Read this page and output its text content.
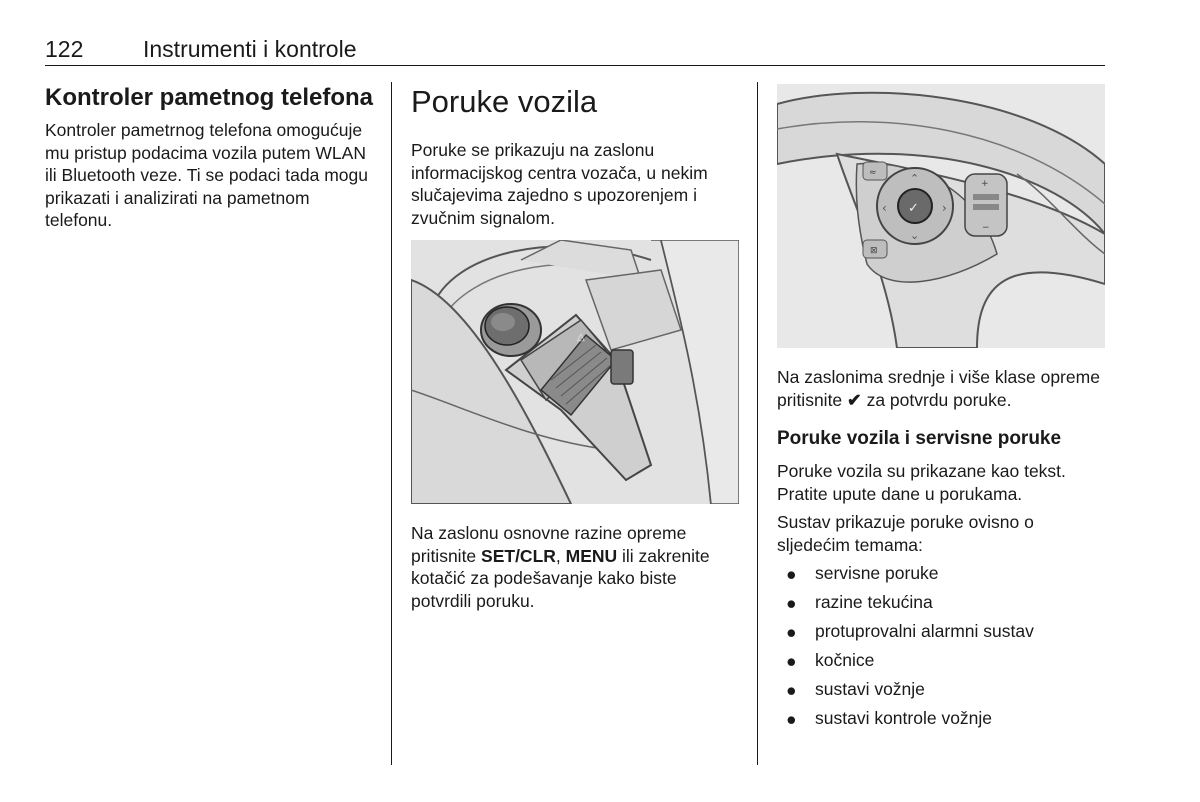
122	Instrumenti i kontrole
Kontroler pametnog telefona

Kontroler pametrnog telefona omogućuje mu pristup podacima vozila putem WLAN ili Bluetooth veze. Ti se podaci tada mogu prikazati i analizirati na pametnom telefonu.

Poruke vozila

Poruke se prikazuju na zaslonu informacijskog centra vozača, u nekim slučajevima zajedno s upozorenjem i zvučnim signalom.

△

Na zaslonu osnovne razine opreme pritisnite SET/CLR, MENU ili zakrenite kotačić za podešavanje kako biste potvrdili poruku.

≈
⊠
⌃
‹	›
⌄
✓
+
−

Na zaslonima srednje i više klase opreme pritisnite ✔ za potvrdu poruke.

Poruke vozila i servisne poruke

Poruke vozila su prikazane kao tekst. Pratite upute dane u porukama.

Sustav prikazuje poruke ovisno o sljedećim temama:

● servisne poruke
● razine tekućina
● protuprovalni alarmni sustav
● kočnice
● sustavi vožnje
● sustavi kontrole vožnje
